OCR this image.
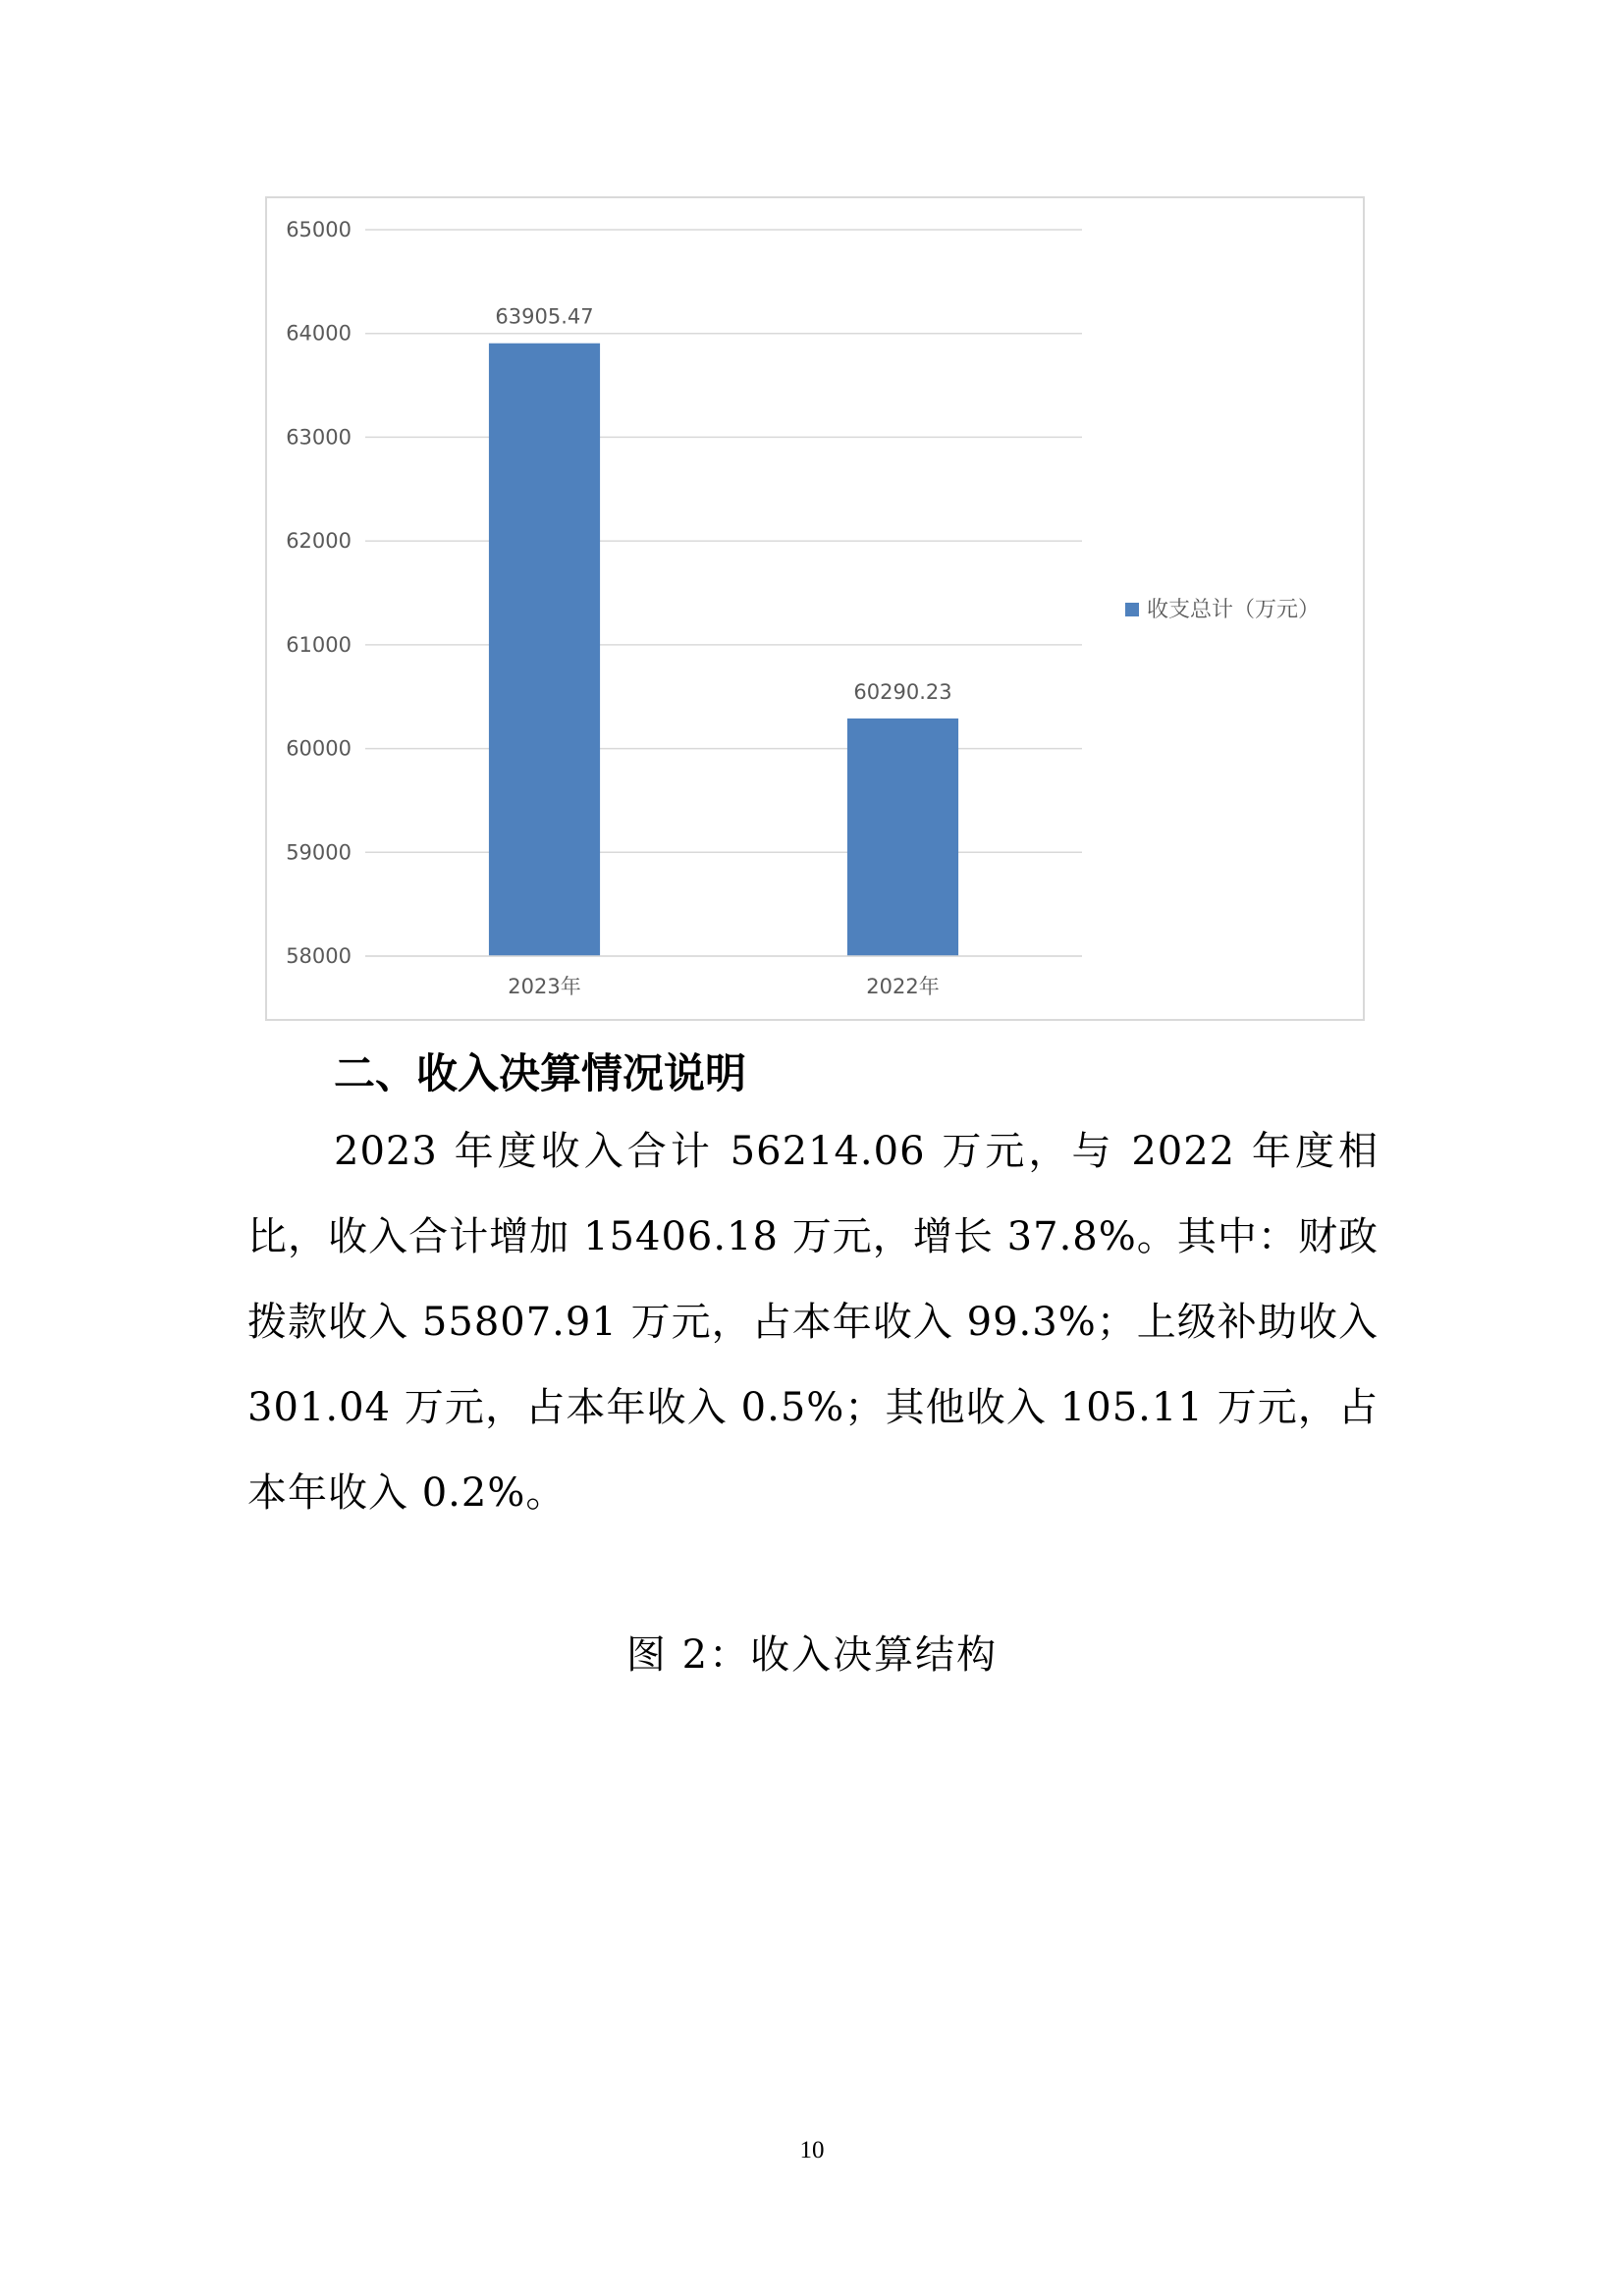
58000
59000
60000
61000
62000
63000
64000
65000
63905.47
60290.23
2023年	2022年
收支总计（万元）
二、收入决算情况说明

2023 年度收入合计 56214.06 万元，与 2022 年度相比，收入合计增加 15406.18 万元，增长 37.8%。其中：财政拨款收入 55807.91 万元，占本年收入 99.3%；上级补助收入 301.04 万元，占本年收入 0.5%；其他收入 105.11 万元，占本年收入 0.2%。

图 2：收入决算结构

10
